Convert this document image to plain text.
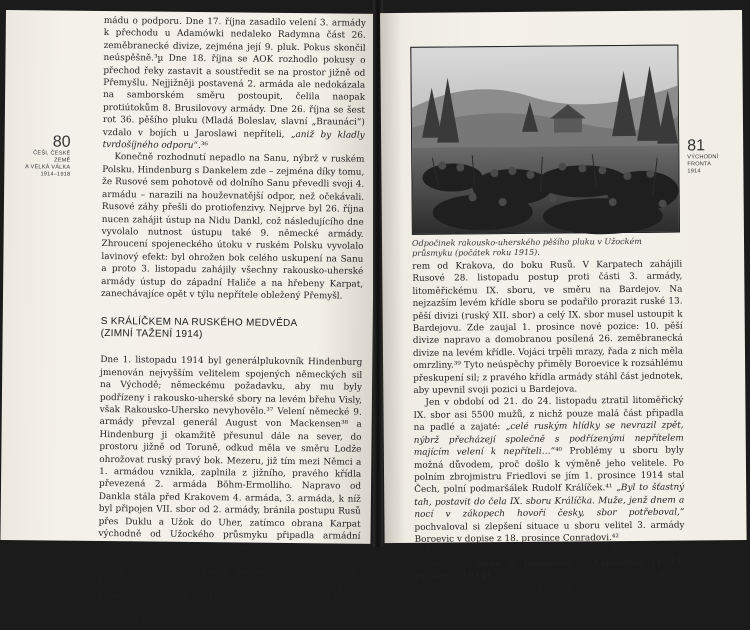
80
ČEŠI, ČESKÉ ZEMĚ
A VELKÁ VÁLKA
1914–1918

mádu o podporu. Dne 17. října zasadilo velení 3. armády k přechodu u Adamówki nedaleko Radymna část 26. zeměbranecké divize, zejména její 9. pluk. Pokus skončil neúspěšně.³µ Dne 18. října se AOK rozhodlo pokusy o přechod řeky zastavit a soustředit se na prostor jižně od Přemyšlu. Nejjižněji postavená 2. armáda ale nedokázala na samborském směru postoupit, čelila naopak protiútokům 8. Brusilovovy armády. Dne 26. října se šest rot 36. pěšího pluku (Mladá Boleslav, slavní „Braunáci“) vzdalo v bojích u Jaroslawi nepříteli, „aniž by kladly tvrdošíjného odporu“.³⁶

Konečně rozhodnutí nepadlo na Sanu, nýbrž v ruském Polsku. Hindenburg s Dankelem zde – zejména díky tomu, že Rusové sem pohotově od dolního Sanu převedli svoji 4. armádu – narazili na houževnatější odpor, než očekávali. Rusové záhy přešli do protiofenzivy. Nejprve byl 26. října nucen zahájit ústup na Nidu Dankl, což následujícího dne vyvolalo nutnost ústupu také 9. německé armády. Zhroucení spojeneckého útoku v ruském Polsku vyvolalo lavinový efekt: byl ohrožen bok celého uskupení na Sanu a proto 3. listopadu zahájily všechny rakousko-uherské armády ústup do západní Haliče a na hřebeny Karpat, zanechávajíce opět v týlu nepřítele obležený Přemyšl.

S KRÁLÍČKEM NA RUSKÉHO MEDVĚDA
(ZIMNÍ TAŽENÍ 1914)

Dne 1. listopadu 1914 byl generálplukovník Hindenburg jmenován nejvyšším velitelem spojených německých sil na Východě; německému požadavku, aby mu byly podřízeny i rakousko-uherské sbory na levém břehu Visly, však Rakousko-Uhersko nevyhovělo.³⁷ Velení německé 9. armády převzal generál August von Mackensen³⁸ a Hindenburg ji okamžitě přesunul dále na sever, do prostoru jižně od Toruně, odkud měla ve směru Lodže ohrožovat ruský pravý bok. Mezeru, již tím mezi Němci a 1. armádou vznikla, zaplnila z jižního, pravého křídla převezená 2. armáda Böhm-Ermolliho. Napravo od Dankla stála před Krakovem 4. armáda, 3. armáda, k níž byl připojen VII. sbor od 2. armády, bránila postupu Rusů přes Duklu a Užok do Uher, zatímco obrana Karpat východně od Užockého průsmyku připadla armádní skupině generála Pflanzer-Baltina.

Spojenecké útoky po křídlech v ruském Polsku měly v druhé polovině listopadu pouze omezený úspěch: Mackensenově armádě se v prvních bitvě o Lodž nepodařilo uzavřít obklíčení zde soustředěných sil nepřítele, velký užitek nepřinesl ani útok 4. armády severním směrem

Odpočinek rakousko-uherského pěšího pluku v Užockém průsmyku (počátek roku 1915).

rem od Krakova, do boku Rusů. V Karpatech zahájili Rusové 28. listopadu postup proti části 3. armády, litoměřickému IX. sboru, ve směru na Bardejov. Na nejzazším levém křídle sboru se podařilo prorazit ruské 13. pěší divizi (ruský XII. sbor) a celý IX. sbor musel ustoupit k Bardejovu. Zde zaujal 1. prosince nové pozice: 10. pěší divize napravo a domobranou posílená 26. zeměbranecká divize na levém křídle. Vojáci trpěli mrazy, řada z nich měla omrzliny.³⁹ Tyto neúspěchy přiměly Boroevice k rozsáhlému přeskupení sil; z pravého křídla armády stáhl část jednotek, aby upevnil svoji pozici u Bardejova.

Jen v období od 21. do 24. listopadu ztratil litoměřický IX. sbor asi 5500 mužů, z nichž pouze malá část připadla na padlé a zajaté: „celé ruským hlídky se nevrazil zpět, nýbrž přecházejí společně s podřízenými nepřítelem majícím velení k nepříteli…“⁴⁰ Problémy u sboru byly možná důvodem, proč došlo k výměně jeho velitele. Po polním zbrojmistru Friedlovi se jím 1. prosince 1914 stal Čech, polní podmaršálek Rudolf Králíček.⁴¹ „Byl to šťastný tah, postavit do čela IX. sboru Králíčka. Muže, jenž dnem a nocí v zákopech hovoří česky, sbor potřeboval,“ pochvaloval si zlepšení situace u sboru velitel 3. armády Boroevic v dopise z 18. prosince Conradovi.⁴²

Obrat v dosud nepříznivém vývoji zimního tažení přinesla až bitva u Limanowe – Lapanówa (1.–12. prosince 1914). Počátkem prosince pokračovala ruská 3. armáda v prudkém náporu jižně od Krakova

81
VÝCHODNÍ FRONTA
1914
